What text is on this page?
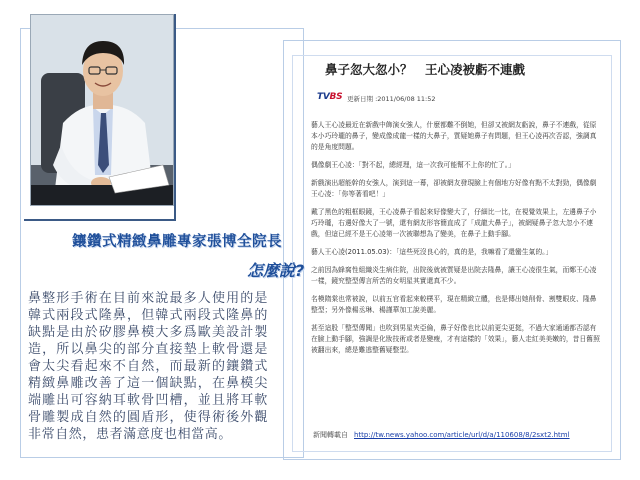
鑲鑽式精緻鼻雕專家張博全院長
怎麼說?
鼻整形手術在目前來說最多人使用的是韓式兩段式隆鼻，但韓式兩段式隆鼻的缺點是由於矽膠鼻模大多爲歐美設計製造，所以鼻尖的部分直接墊上軟骨還是會太尖看起來不自然，而最新的鑲鑽式精緻鼻雕改善了這一個缺點，在鼻模尖端雕出可容納耳軟骨凹槽，並且將耳軟骨雕製成自然的圓盾形，使得術後外觀非常自然，患者滿意度也相當高。
鼻子忽大忽小？　王心凌被虧不連戲
TVBS 更新日期 :2011/06/08 11:52

藝人王心凌最近在新戲中飾演女強人，什麼都難不倒她，但卻又被網友虧說，鼻子不連戲，從原本小巧玲瓏的鼻子，變成像成龍一樣的大鼻子，質疑她鼻子有問題，但王心凌再次否認，強調真的是角度問題。

偶像劇王心凌：「對不起，總經理，這一次我可能幫不上你的忙了。」

新戲演出超能幹的女強人，演到這一幕，卻被網友發現臉上有個地方好像有點不太對勁，偶像劇王心凌：「你等著看吧！」

戴了黑色的粗框眼鏡，王心凌鼻子看起來好像變大了，仔細比一比，在視覺效果上，左邊鼻子小巧玲瓏，右邊好像大了一號，還有網友形容簡直成了「成龍大鼻子」，被網疑鼻子忽大忽小不連戲，但這已經不是王心凌第一次被聯想為了變美，在鼻子上動手腳。

藝人王心凌(2011.05.03)：「這些死沒良心的，真的是，我嘛看了還蠻生氣的。」

之前因為蜂窩性組織炎生病住院，出院後就被質疑是出院去隆鼻，讓王心凌很生氣，而鄭王心凌一樣，鏡究整型傳言所苦的女明星其實還真不少。

名模隋棠也常被說，以前五官看起來較樸平，現在精緻立體，也是傳出她削骨、割雙眼皮、隆鼻整型；另外像楊丞琳、楊謹華加工說美麗。

甚至這股「整型傳聞」也吹到男星夾亞倫，鼻子好像也比以前更尖更挺，不過大家通通都否認有在臉上動手腳，強調是化妝技術或者是變瘦，才有這樣的「效果」，藝人走紅美美嫩的，昔日舊照被翻出來，總是難逃整舊疑整型。

新聞轉載自 http://tw.news.yahoo.com/article/url/d/a/110608/8/2sxt2.html
